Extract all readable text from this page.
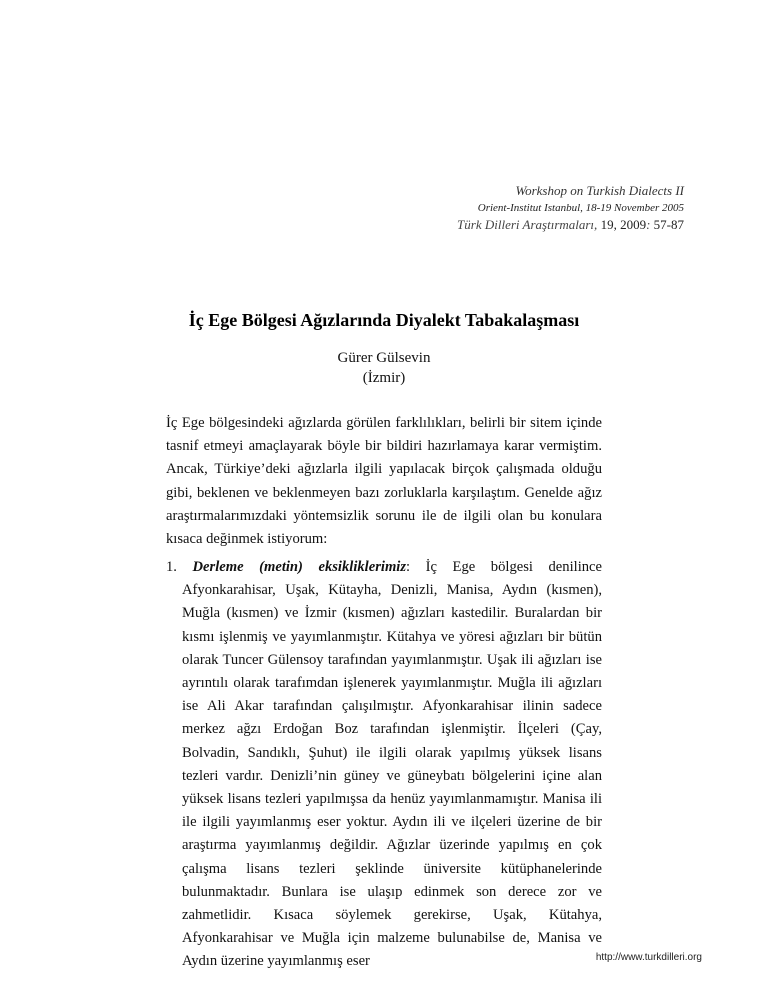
Workshop on Turkish Dialects II
Orient-Institut Istanbul, 18-19 November 2005
Türk Dilleri Araştırmaları, 19, 2009: 57-87
İç Ege Bölgesi Ağızlarında Diyalekt Tabakalaşması
Gürer Gülsevin
(İzmir)

İç Ege bölgesindeki ağızlarda görülen farklılıkları, belirli bir sitem içinde tasnif etmeyi amaçlayarak böyle bir bildiri hazırlamaya karar vermiştim. Ancak, Türkiye’deki ağızlarla ilgili yapılacak birçok çalışmada olduğu gibi, beklenen ve beklenmeyen bazı zorluklarla karşılaştım. Genelde ağız araştırmalarımızdaki yöntemsizlik sorunu ile de ilgili olan bu konulara kısaca değinmek istiyorum:

1. Derleme (metin) eksikliklerimiz: İç Ege bölgesi denilince Afyonkarahisar, Uşak, Kütayha, Denizli, Manisa, Aydın (kısmen), Muğla (kısmen) ve İzmir (kısmen) ağızları kastedilir. Buralardan bir kısmı işlenmiş ve yayımlanmıştır. Kütahya ve yöresi ağızları bir bütün olarak Tuncer Gülensoy tarafından yayımlanmıştır. Uşak ili ağızları ise ayrıntılı olarak tarafımdan işlenerek yayımlanmıştır. Muğla ili ağızları ise Ali Akar tarafından çalışılmıştır. Afyonkarahisar ilinin sadece merkez ağzı Erdoğan Boz tarafından işlenmiştir. İlçeleri (Çay, Bolvadin, Sandıklı, Şuhut) ile ilgili olarak yapılmış yüksek lisans tezleri vardır. Denizli’nin güney ve güneybatı bölgelerini içine alan yüksek lisans tezleri yapılmışsa da henüz yayımlanmamıştır. Manisa ili ile ilgili yayımlanmış eser yoktur. Aydın ili ve ilçeleri üzerine de bir araştırma yayımlanmış değildir. Ağızlar üzerinde yapılmış en çok çalışma lisans tezleri şeklinde üniversite kütüphanelerinde bulunmaktadır. Bunlara ise ulaşıp edinmek son derece zor ve zahmetlidir. Kısaca söylemek gerekirse, Uşak, Kütahya, Afyonkarahisar ve Muğla için malzeme bulunabilse de, Manisa ve Aydın üzerine yayımlanmış eser	http://www.turkdilleri.org
